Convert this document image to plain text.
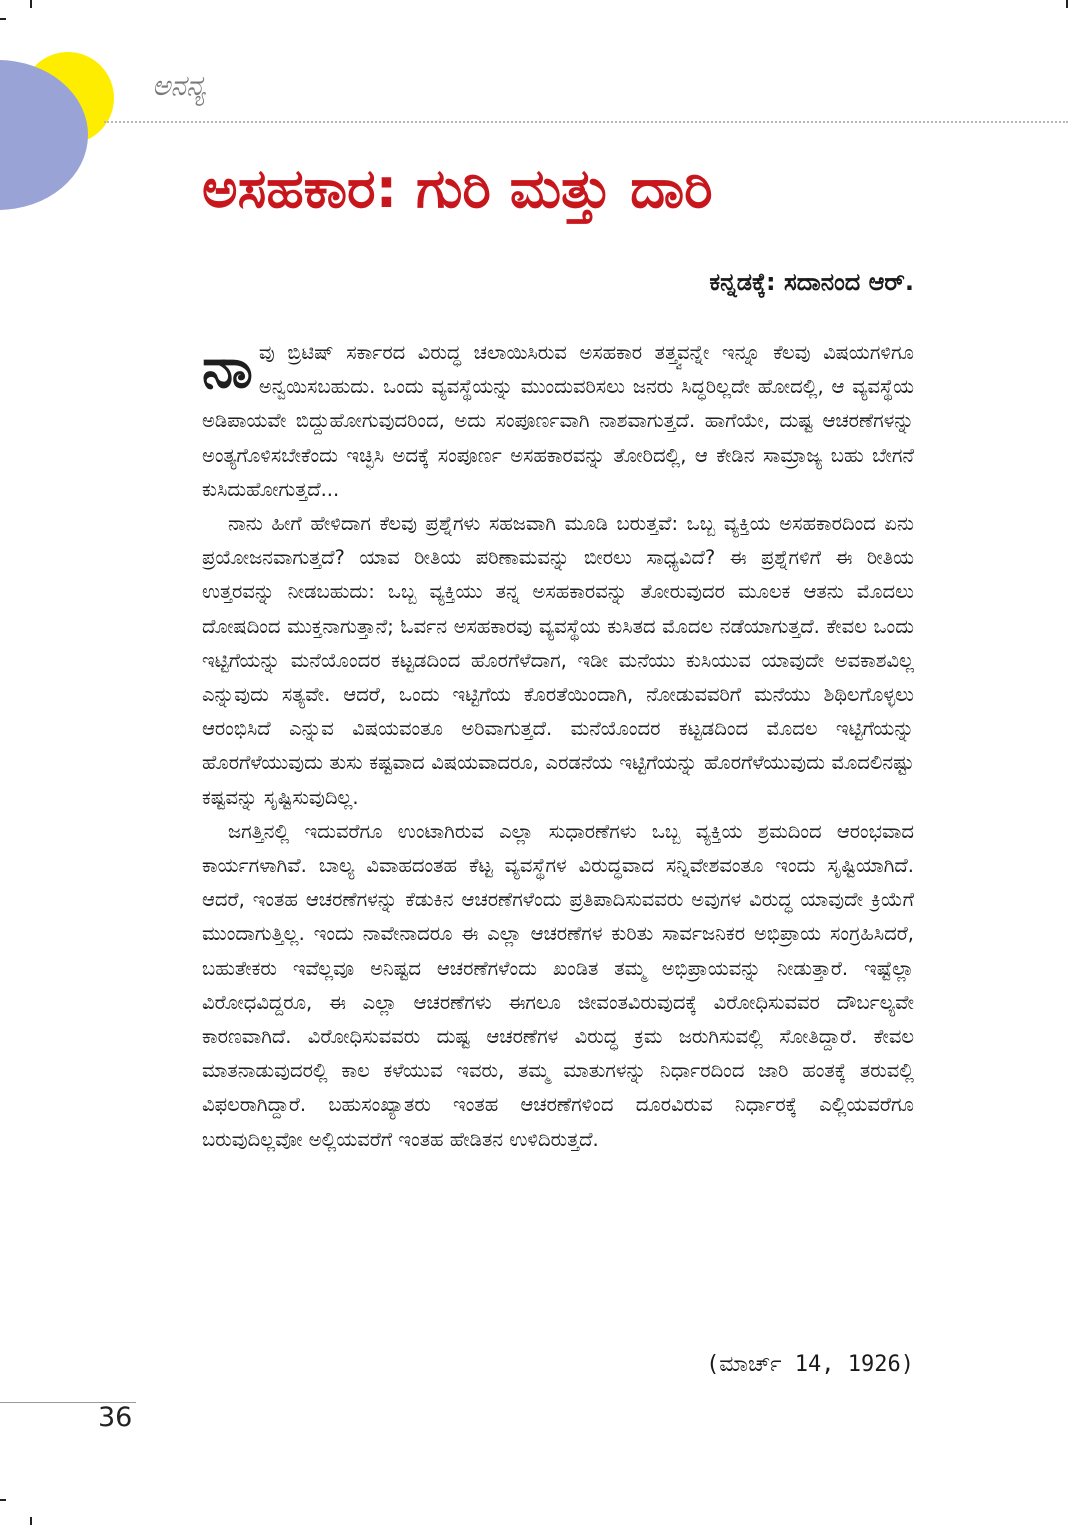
ಅನನ್ಯ
ಅಸಹಕಾರ: ಗುರಿ ಮತ್ತು ದಾರಿ
ಕನ್ನಡಕ್ಕೆ: ಸದಾನಂದ ಆರ್.

ನಾವು ಬ್ರಿಟಿಷ್ ಸರ್ಕಾರದ ವಿರುದ್ಧ ಚಲಾಯಿಸಿರುವ ಅಸಹಕಾರ ತತ್ತ್ವವನ್ನೇ ಇನ್ನೂ ಕೆಲವು ವಿಷಯಗಳಿಗೂ ಅನ್ವಯಿಸಬಹುದು. ಒಂದು ವ್ಯವಸ್ಥೆಯನ್ನು ಮುಂದುವರಿಸಲು ಜನರು ಸಿದ್ಧರಿಲ್ಲದೇ ಹೋದಲ್ಲಿ, ಆ ವ್ಯವಸ್ಥೆಯ ಅಡಿಪಾಯವೇ ಬಿದ್ದುಹೋಗುವುದರಿಂದ, ಅದು ಸಂಪೂರ್ಣವಾಗಿ ನಾಶವಾಗುತ್ತದೆ. ಹಾಗೆಯೇ, ದುಷ್ಟ ಆಚರಣೆಗಳನ್ನು ಅಂತ್ಯಗೊಳಿಸಬೇಕೆಂದು ಇಚ್ಛಿಸಿ ಅದಕ್ಕೆ ಸಂಪೂರ್ಣ ಅಸಹಕಾರವನ್ನು ತೋರಿದಲ್ಲಿ, ಆ ಕೇಡಿನ ಸಾಮ್ರಾಜ್ಯ ಬಹು ಬೇಗನೆ ಕುಸಿದುಹೋಗುತ್ತದೆ...

ನಾನು ಹೀಗೆ ಹೇಳಿದಾಗ ಕೆಲವು ಪ್ರಶ್ನೆಗಳು ಸಹಜವಾಗಿ ಮೂಡಿ ಬರುತ್ತವೆ: ಒಬ್ಬ ವ್ಯಕ್ತಿಯ ಅಸಹಕಾರದಿಂದ ಏನು ಪ್ರಯೋಜನವಾಗುತ್ತದೆ? ಯಾವ ರೀತಿಯ ಪರಿಣಾಮವನ್ನು ಬೀರಲು ಸಾಧ್ಯವಿದೆ? ಈ ಪ್ರಶ್ನೆಗಳಿಗೆ ಈ ರೀತಿಯ ಉತ್ತರವನ್ನು ನೀಡಬಹುದು: ಒಬ್ಬ ವ್ಯಕ್ತಿಯು ತನ್ನ ಅಸಹಕಾರವನ್ನು ತೋರುವುದರ ಮೂಲಕ ಆತನು ಮೊದಲು ದೋಷದಿಂದ ಮುಕ್ತನಾಗುತ್ತಾನೆ; ಓರ್ವನ ಅಸಹಕಾರವು ವ್ಯವಸ್ಥೆಯ ಕುಸಿತದ ಮೊದಲ ನಡೆಯಾಗುತ್ತದೆ. ಕೇವಲ ಒಂದು ಇಟ್ಟಿಗೆಯನ್ನು ಮನೆಯೊಂದರ ಕಟ್ಟಡದಿಂದ ಹೊರಗೆಳೆದಾಗ, ಇಡೀ ಮನೆಯು ಕುಸಿಯುವ ಯಾವುದೇ ಅವಕಾಶವಿಲ್ಲ ಎನ್ನುವುದು ಸತ್ಯವೇ. ಆದರೆ, ಒಂದು ಇಟ್ಟಿಗೆಯ ಕೊರತೆಯಿಂದಾಗಿ, ನೋಡುವವರಿಗೆ ಮನೆಯು ಶಿಥಿಲಗೊಳ್ಳಲು ಆರಂಭಿಸಿದೆ ಎನ್ನುವ ವಿಷಯವಂತೂ ಅರಿವಾಗುತ್ತದೆ. ಮನೆಯೊಂದರ ಕಟ್ಟಡದಿಂದ ಮೊದಲ ಇಟ್ಟಿಗೆಯನ್ನು ಹೊರಗೆಳೆಯುವುದು ತುಸು ಕಷ್ಟವಾದ ವಿಷಯವಾದರೂ, ಎರಡನೆಯ ಇಟ್ಟಿಗೆಯನ್ನು ಹೊರಗೆಳೆಯುವುದು ಮೊದಲಿನಷ್ಟು ಕಷ್ಟವನ್ನು ಸೃಷ್ಟಿಸುವುದಿಲ್ಲ.

ಜಗತ್ತಿನಲ್ಲಿ ಇದುವರೆಗೂ ಉಂಟಾಗಿರುವ ಎಲ್ಲಾ ಸುಧಾರಣೆಗಳು ಒಬ್ಬ ವ್ಯಕ್ತಿಯ ಶ್ರಮದಿಂದ ಆರಂಭವಾದ ಕಾರ್ಯಗಳಾಗಿವೆ. ಬಾಲ್ಯ ವಿವಾಹದಂತಹ ಕೆಟ್ಟ ವ್ಯವಸ್ಥೆಗಳ ವಿರುದ್ಧವಾದ ಸನ್ನಿವೇಶವಂತೂ ಇಂದು ಸೃಷ್ಟಿಯಾಗಿದೆ. ಆದರೆ, ಇಂತಹ ಆಚರಣೆಗಳನ್ನು ಕೆಡುಕಿನ ಆಚರಣೆಗಳೆಂದು ಪ್ರತಿಪಾದಿಸುವವರು ಅವುಗಳ ವಿರುದ್ಧ ಯಾವುದೇ ಕ್ರಿಯೆಗೆ ಮುಂದಾಗುತ್ತಿಲ್ಲ. ಇಂದು ನಾವೇನಾದರೂ ಈ ಎಲ್ಲಾ ಆಚರಣೆಗಳ ಕುರಿತು ಸಾರ್ವಜನಿಕರ ಅಭಿಪ್ರಾಯ ಸಂಗ್ರಹಿಸಿದರೆ, ಬಹುತೇಕರು ಇವೆಲ್ಲವೂ ಅನಿಷ್ಟದ ಆಚರಣೆಗಳೆಂದು ಖಂಡಿತ ತಮ್ಮ ಅಭಿಪ್ರಾಯವನ್ನು ನೀಡುತ್ತಾರೆ. ಇಷ್ಟೆಲ್ಲಾ ವಿರೋಧವಿದ್ದರೂ, ಈ ಎಲ್ಲಾ ಆಚರಣೆಗಳು ಈಗಲೂ ಜೀವಂತವಿರುವುದಕ್ಕೆ ವಿರೋಧಿಸುವವರ ದೌರ್ಬಲ್ಯವೇ ಕಾರಣವಾಗಿದೆ. ವಿರೋಧಿಸುವವರು ದುಷ್ಟ ಆಚರಣೆಗಳ ವಿರುದ್ಧ ಕ್ರಮ ಜರುಗಿಸುವಲ್ಲಿ ಸೋತಿದ್ದಾರೆ. ಕೇವಲ ಮಾತನಾಡುವುದರಲ್ಲಿ ಕಾಲ ಕಳೆಯುವ ಇವರು, ತಮ್ಮ ಮಾತುಗಳನ್ನು ನಿರ್ಧಾರದಿಂದ ಜಾರಿ ಹಂತಕ್ಕೆ ತರುವಲ್ಲಿ ವಿಫಲರಾಗಿದ್ದಾರೆ. ಬಹುಸಂಖ್ಯಾತರು ಇಂತಹ ಆಚರಣೆಗಳಿಂದ ದೂರವಿರುವ ನಿರ್ಧಾರಕ್ಕೆ ಎಲ್ಲಿಯವರೆಗೂ ಬರುವುದಿಲ್ಲವೋ ಅಲ್ಲಿಯವರೆಗೆ ಇಂತಹ ಹೇಡಿತನ ಉಳಿದಿರುತ್ತದೆ.

(ಮಾರ್ಚ್ 14, 1926)
36
